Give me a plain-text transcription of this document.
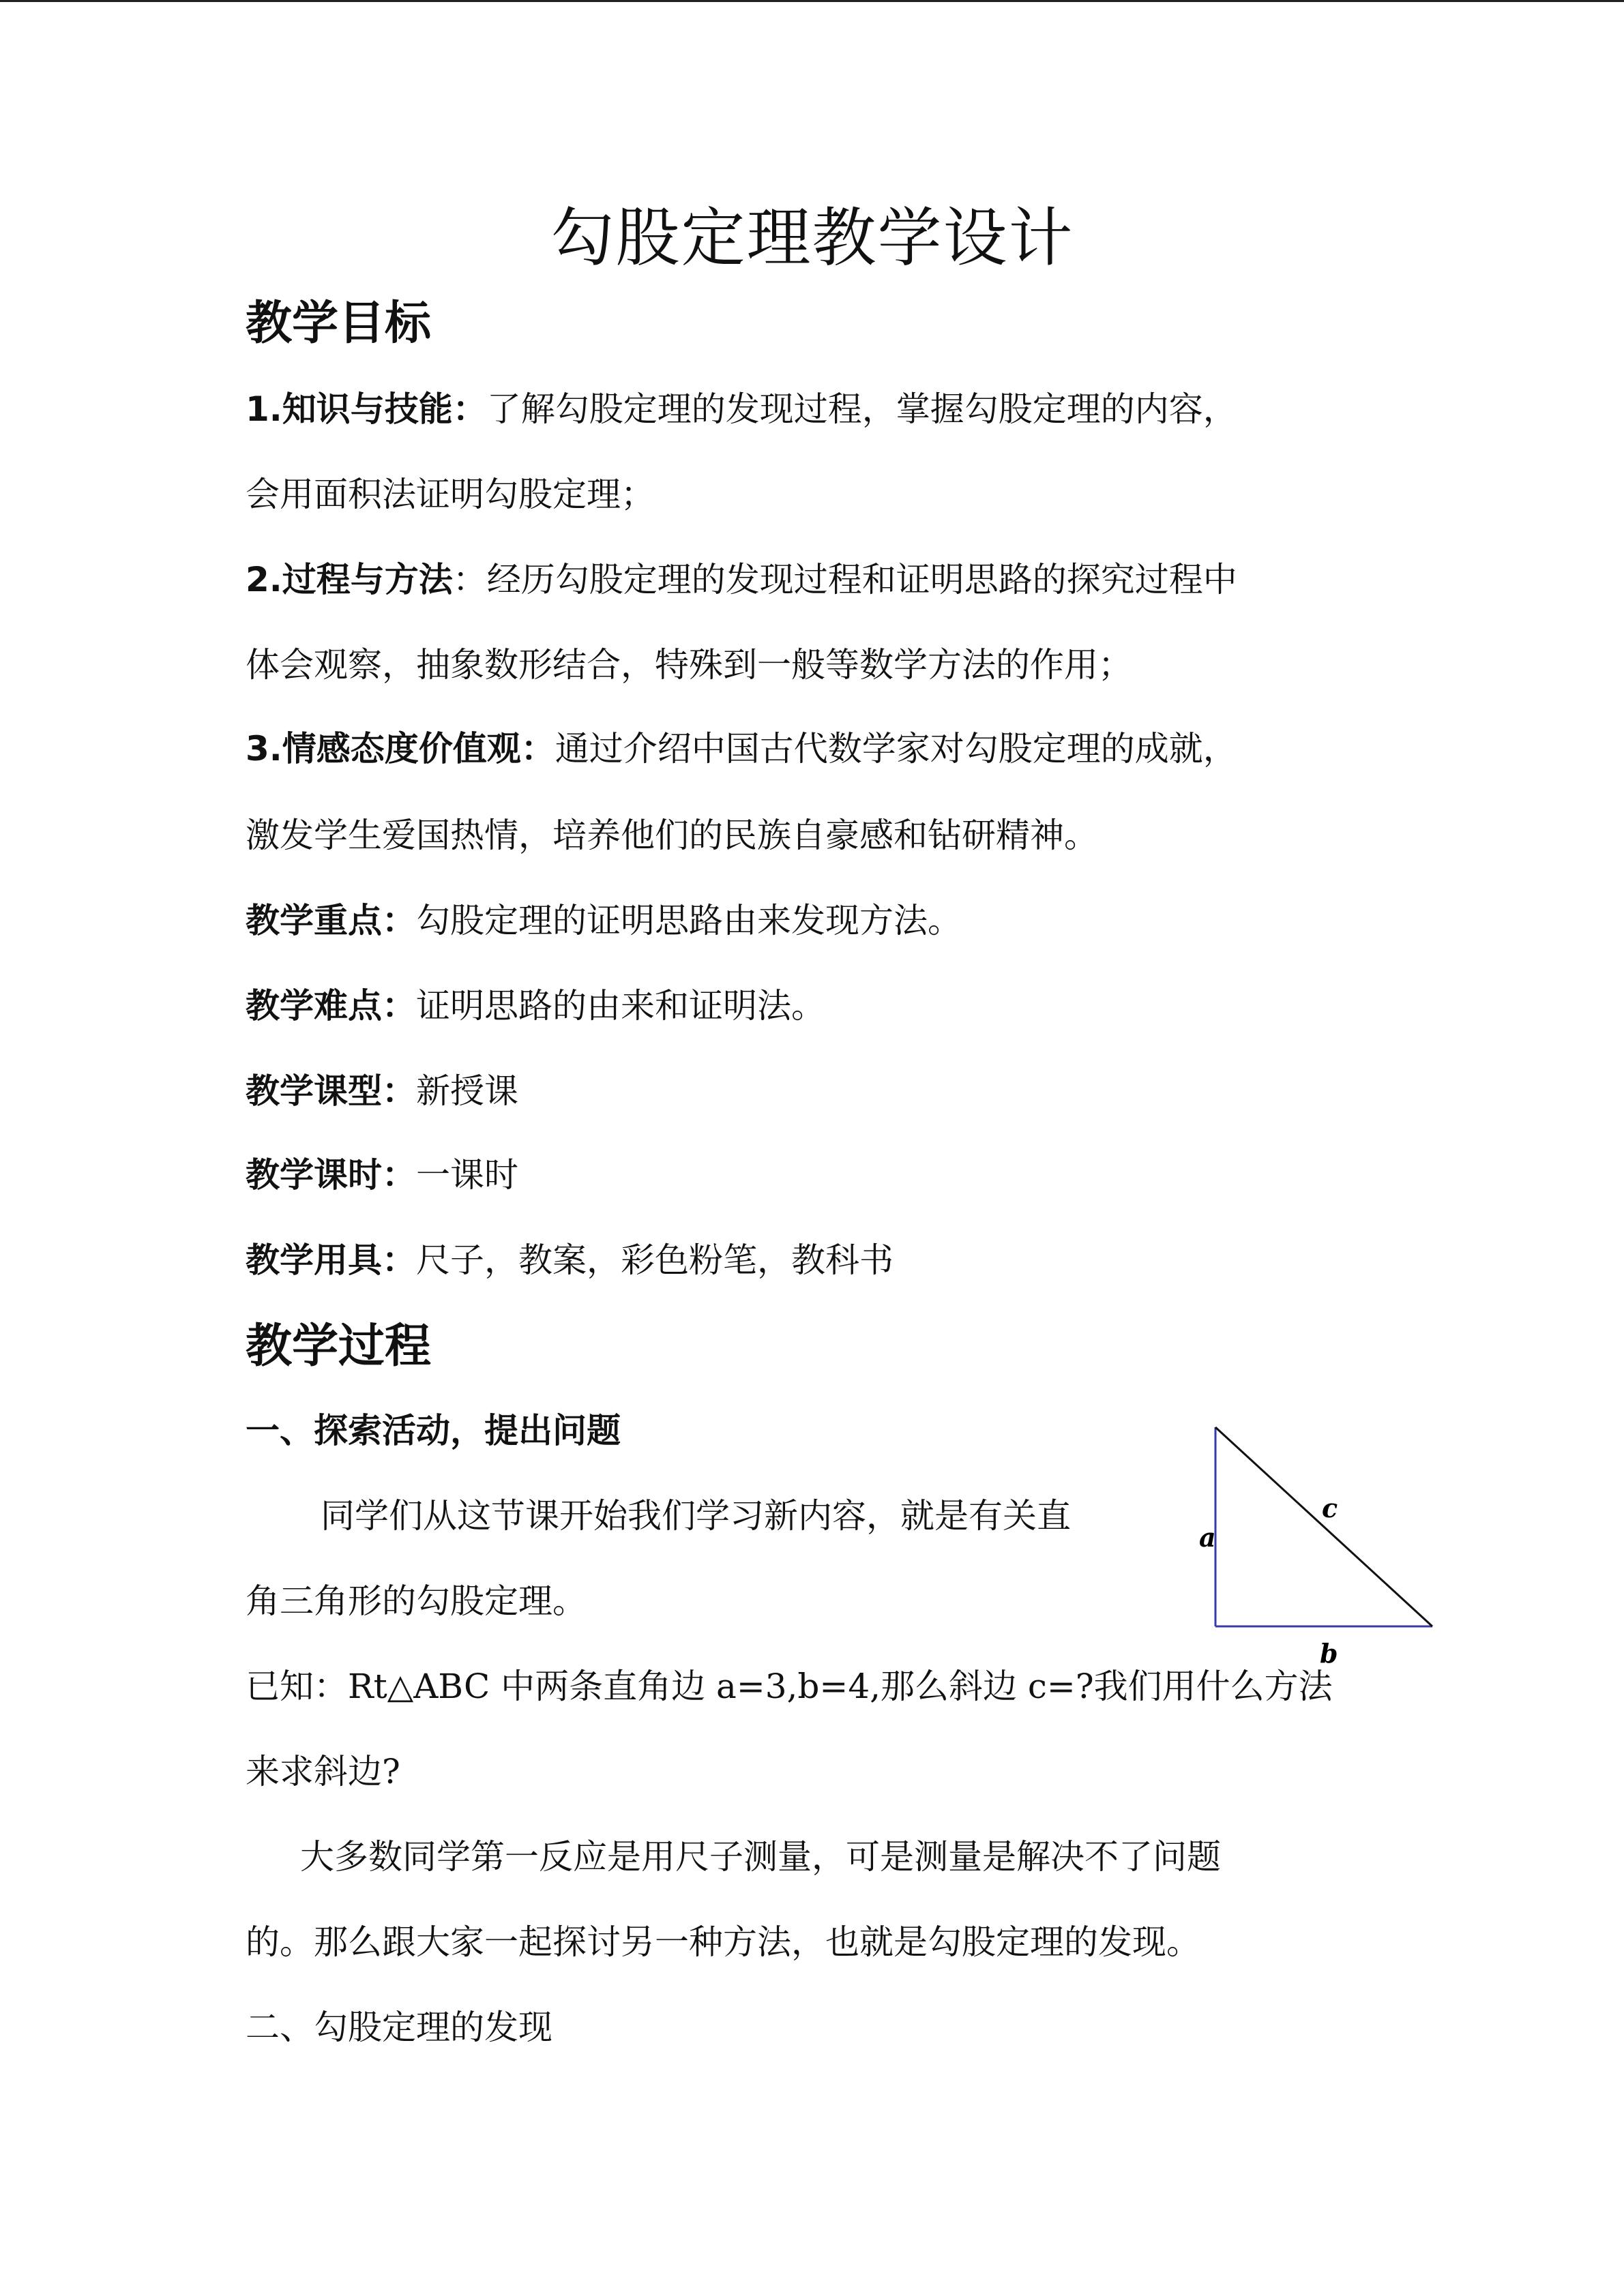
勾股定理教学设计
教学目标

1.知识与技能：了解勾股定理的发现过程，掌握勾股定理的内容，

会用面积法证明勾股定理；

2.过程与方法：经历勾股定理的发现过程和证明思路的探究过程中

体会观察，抽象数形结合，特殊到一般等数学方法的作用；

3.情感态度价值观：通过介绍中国古代数学家对勾股定理的成就，

激发学生爱国热情，培养他们的民族自豪感和钻研精神。

教学重点：勾股定理的证明思路由来发现方法。

教学难点：证明思路的由来和证明法。

教学课型：新授课

教学课时：一课时

教学用具：尺子，教案，彩色粉笔，教科书

教学过程
一、探索活动，提出问题

同学们从这节课开始我们学习新内容，就是有关直

角三角形的勾股定理。

已知：Rt△ABC 中两条直角边 a=3,b=4,那么斜边 c=?我们用什么方法

来求斜边?

大多数同学第一反应是用尺子测量，可是测量是解决不了问题

的。那么跟大家一起探讨另一种方法，也就是勾股定理的发现。

二、勾股定理的发现

a
b
c
